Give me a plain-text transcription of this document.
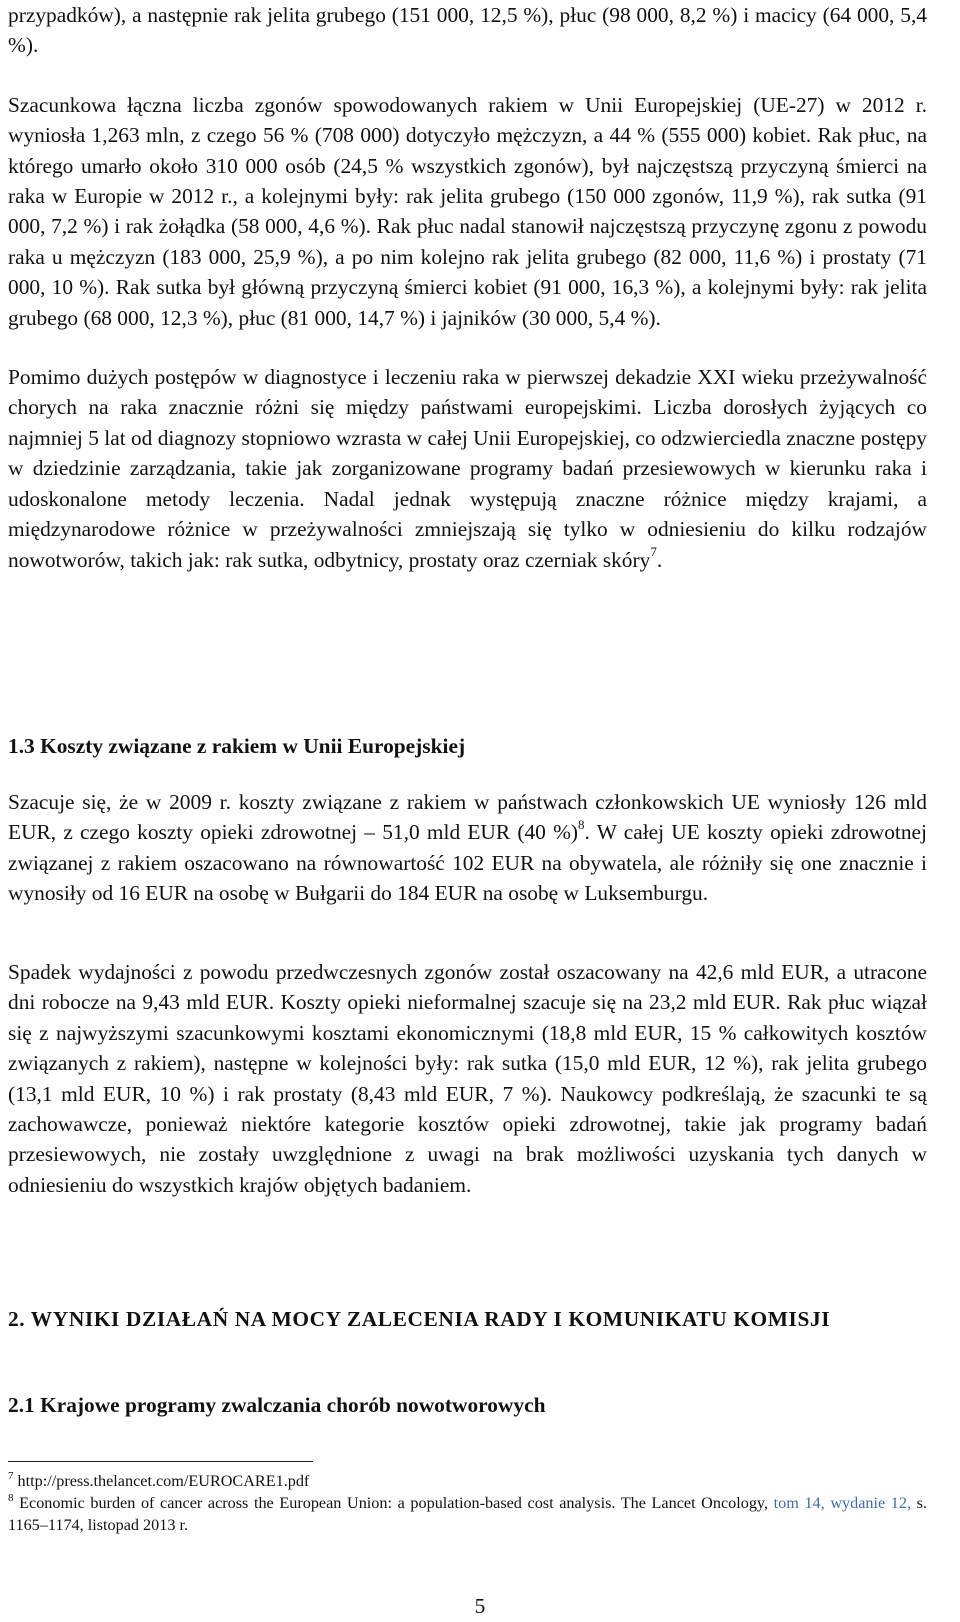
przypadków), a następnie rak jelita grubego (151 000, 12,5 %), płuc (98 000, 8,2 %) i macicy (64 000, 5,4 %).

Szacunkowa łączna liczba zgonów spowodowanych rakiem w Unii Europejskiej (UE-27) w 2012 r. wyniosła 1,263 mln, z czego 56 % (708 000) dotyczyło mężczyzn, a 44 % (555 000) kobiet. Rak płuc, na którego umarło około 310 000 osób (24,5 % wszystkich zgonów), był najczęstszą przyczyną śmierci na raka w Europie w 2012 r., a kolejnymi były: rak jelita grubego (150 000 zgonów, 11,9 %), rak sutka (91 000, 7,2 %) i rak żołądka (58 000, 4,6 %). Rak płuc nadal stanowił najczęstszą przyczynę zgonu z powodu raka u mężczyzn (183 000, 25,9 %), a po nim kolejno rak jelita grubego (82 000, 11,6 %) i prostaty (71 000, 10 %). Rak sutka był główną przyczyną śmierci kobiet (91 000, 16,3 %), a kolejnymi były: rak jelita grubego (68 000, 12,3 %), płuc (81 000, 14,7 %) i jajników (30 000, 5,4 %).

Pomimo dużych postępów w diagnostyce i leczeniu raka w pierwszej dekadzie XXI wieku przeżywalność chorych na raka znacznie różni się między państwami europejskimi. Liczba dorosłych żyjących co najmniej 5 lat od diagnozy stopniowo wzrasta w całej Unii Europejskiej, co odzwierciedla znaczne postępy w dziedzinie zarządzania, takie jak zorganizowane programy badań przesiewowych w kierunku raka i udoskonalone metody leczenia. Nadal jednak występują znaczne różnice między krajami, a międzynarodowe różnice w przeżywalności zmniejszają się tylko w odniesieniu do kilku rodzajów nowotworów, takich jak: rak sutka, odbytnicy, prostaty oraz czerniak skóry$^7$.

1.3 Koszty związane z rakiem w Unii Europejskiej

Szacuje się, że w 2009 r. koszty związane z rakiem w państwach członkowskich UE wyniosły 126 mld EUR, z czego koszty opieki zdrowotnej – 51,0 mld EUR (40 %)$^8$. W całej UE koszty opieki zdrowotnej związanej z rakiem oszacowano na równowartość 102 EUR na obywatela, ale różniły się one znacznie i wynosiły od 16 EUR na osobę w Bułgarii do 184 EUR na osobę w Luksemburgu.

Spadek wydajności z powodu przedwczesnych zgonów został oszacowany na 42,6 mld EUR, a utracone dni robocze na 9,43 mld EUR. Koszty opieki nieformalnej szacuje się na 23,2 mld EUR. Rak płuc wiązał się z najwyższymi szacunkowymi kosztami ekonomicznymi (18,8 mld EUR, 15 % całkowitych kosztów związanych z rakiem), następne w kolejności były: rak sutka (15,0 mld EUR, 12 %), rak jelita grubego (13,1 mld EUR, 10 %) i rak prostaty (8,43 mld EUR, 7 %). Naukowcy podkreślają, że szacunki te są zachowawcze, ponieważ niektóre kategorie kosztów opieki zdrowotnej, takie jak programy badań przesiewowych, nie zostały uwzględnione z uwagi na brak możliwości uzyskania tych danych w odniesieniu do wszystkich krajów objętych badaniem.

2. WYNIKI DZIAŁAŃ NA MOCY ZALECENIA RADY I KOMUNIKATU KOMISJI
2.1 Krajowe programy zwalczania chorób nowotworowych

$^7$ http://press.thelancet.com/EUROCARE1.pdf

$^8$ Economic burden of cancer across the European Union: a population-based cost analysis. The Lancet Oncology, tom 14, wydanie 12, s. 1165–1174, listopad 2013 r.

5
